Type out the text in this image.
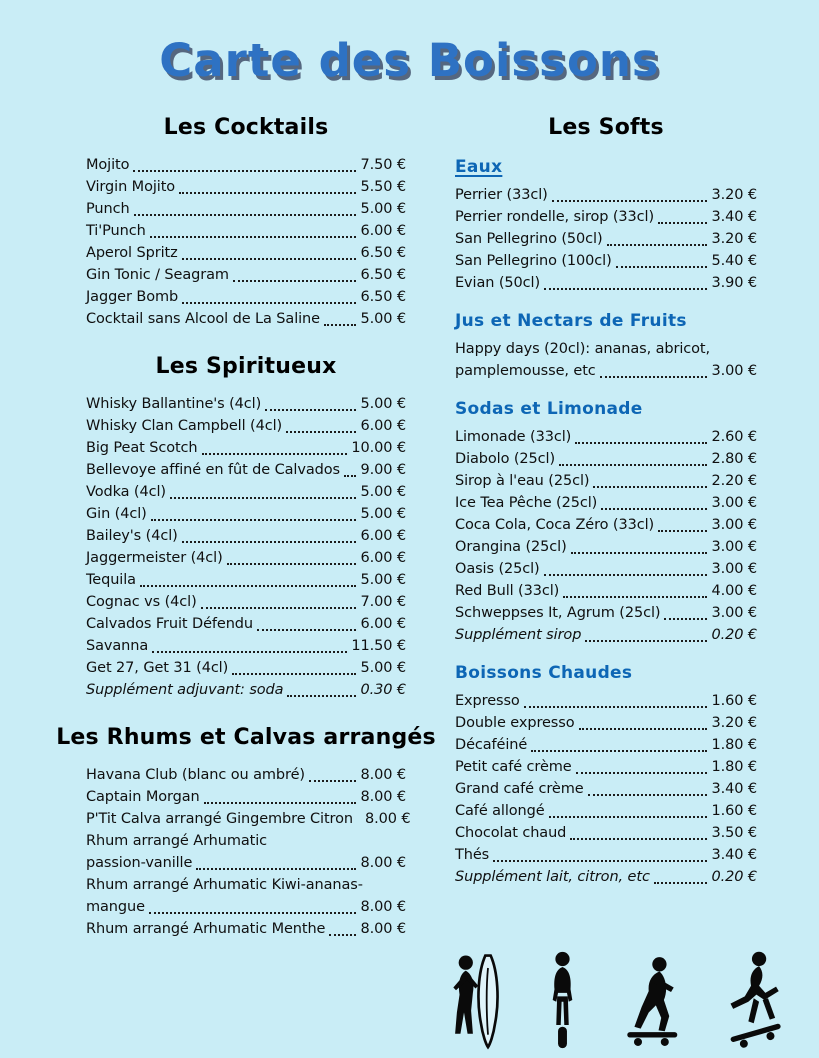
Carte des Boissons
Les Cocktails
Mojito	7.50 €
Virgin Mojito	5.50 €
Punch	5.00 €
Ti'Punch	6.00 €
Aperol Spritz	6.50 €
Gin Tonic / Seagram	6.50 €
Jagger Bomb	6.50 €
Cocktail sans Alcool de La Saline	5.00 €
Les Spiritueux
Whisky Ballantine's (4cl)	5.00 €
Whisky Clan Campbell (4cl)	6.00 €
Big Peat Scotch	10.00 €
Bellevoye affiné en fût de Calvados 9.00 €
Vodka (4cl)	5.00 €
Gin (4cl)	5.00 €
Bailey's (4cl)	6.00 €
Jaggermeister (4cl)	6.00 €
Tequila	5.00 €
Cognac vs (4cl)	7.00 €
Calvados Fruit Défendu	6.00 €
Savanna	11.50 €
Get 27, Get 31 (4cl)	5.00 €
Supplément adjuvant: soda	0.30 €
Les Rhums et Calvas arrangés
Havana Club (blanc ou ambré)	8.00 €
Captain Morgan	8.00 €
P'Tit Calva arrangé Gingembre Citron 8.00 €
Rhum arrangé Arhumatic
passion-vanille	8.00 €
Rhum arrangé Arhumatic Kiwi-ananas-
mangue	8.00 €
Rhum arrangé Arhumatic Menthe 8.00 €
Les Softs
Eaux
Perrier (33cl)	3.20 €
Perrier rondelle, sirop (33cl)	3.40 €
San Pellegrino (50cl)	3.20 €
San Pellegrino (100cl)	5.40 €
Evian (50cl)	3.90 €
Jus et Nectars de Fruits
Happy days (20cl): ananas, abricot,
pamplemousse, etc	3.00 €
Sodas et Limonade
Limonade (33cl)	2.60 €
Diabolo (25cl)	2.80 €
Sirop à l'eau (25cl)	2.20 €
Ice Tea Pêche (25cl)	3.00 €
Coca Cola, Coca Zéro (33cl)	3.00 €
Orangina (25cl)	3.00 €
Oasis (25cl)	3.00 €
Red Bull (33cl)	4.00 €
Schweppses It, Agrum (25cl)	3.00 €
Supplément sirop	0.20 €
Boissons Chaudes
Expresso	1.60 €
Double expresso	3.20 €
Décaféiné	1.80 €
Petit café crème	1.80 €
Grand café crème	3.40 €
Café allongé	1.60 €
Chocolat chaud	3.50 €
Thés	3.40 €
Supplément lait, citron, etc	0.20 €
